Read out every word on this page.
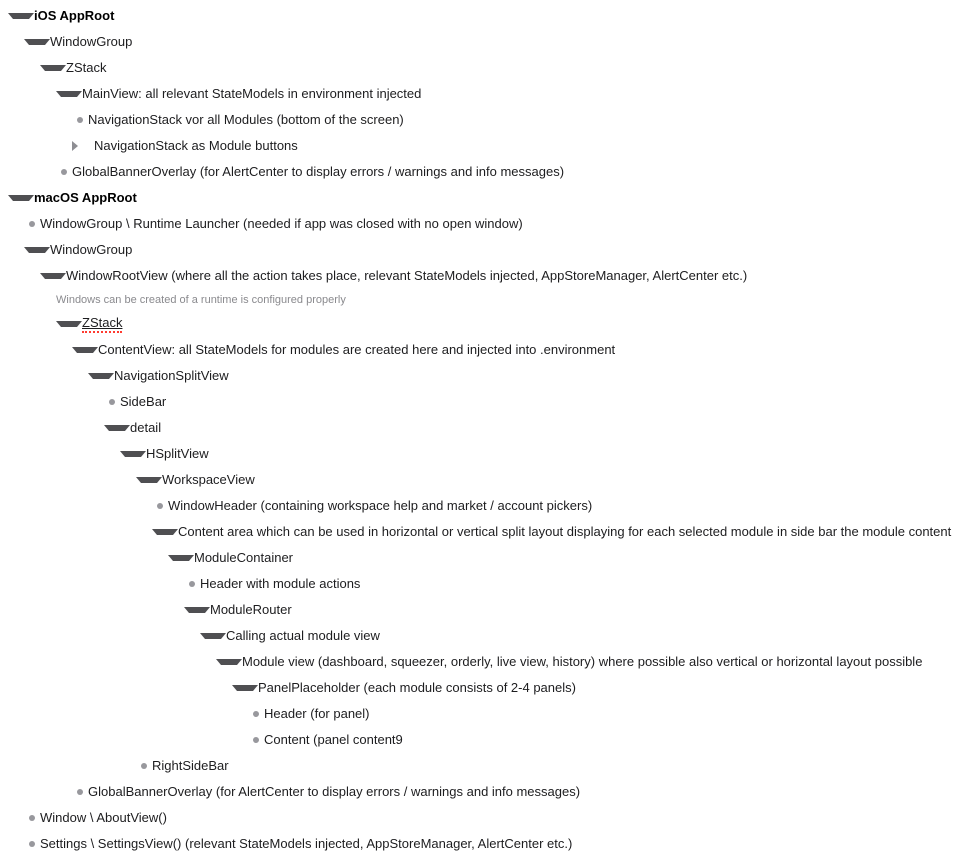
iOS AppRoot
WindowGroup
ZStack
MainView: all relevant StateModels in environment injected
NavigationStack vor all Modules (bottom of the screen)
NavigationStack as Module buttons
GlobalBannerOverlay (for AlertCenter to display errors / warnings and info messages)
macOS AppRoot
WindowGroup \ Runtime Launcher (needed if app was closed with no open window)
WindowGroup
WindowRootView (where all the action takes place, relevant StateModels injected, AppStoreManager, AlertCenter etc.)
Windows can be created of a runtime is configured properly
ZStack
ContentView: all StateModels for modules are created here and injected into .environment
NavigationSplitView
SideBar
detail
HSplitView
WorkspaceView
WindowHeader (containing workspace help and market / account pickers)
Content area which can be used in horizontal or vertical split layout displaying for each selected module in side bar the module content
ModuleContainer
Header with module actions
ModuleRouter
Calling actual module view
Module view (dashboard, squeezer, orderly, live view, history) where possible also vertical or horizontal layout possible
PanelPlaceholder (each module consists of 2-4 panels)
Header (for panel)
Content (panel content9
RightSideBar
GlobalBannerOverlay (for AlertCenter to display errors / warnings and info messages)
Window \ AboutView()
Settings \ SettingsView() (relevant StateModels injected, AppStoreManager, AlertCenter etc.)
